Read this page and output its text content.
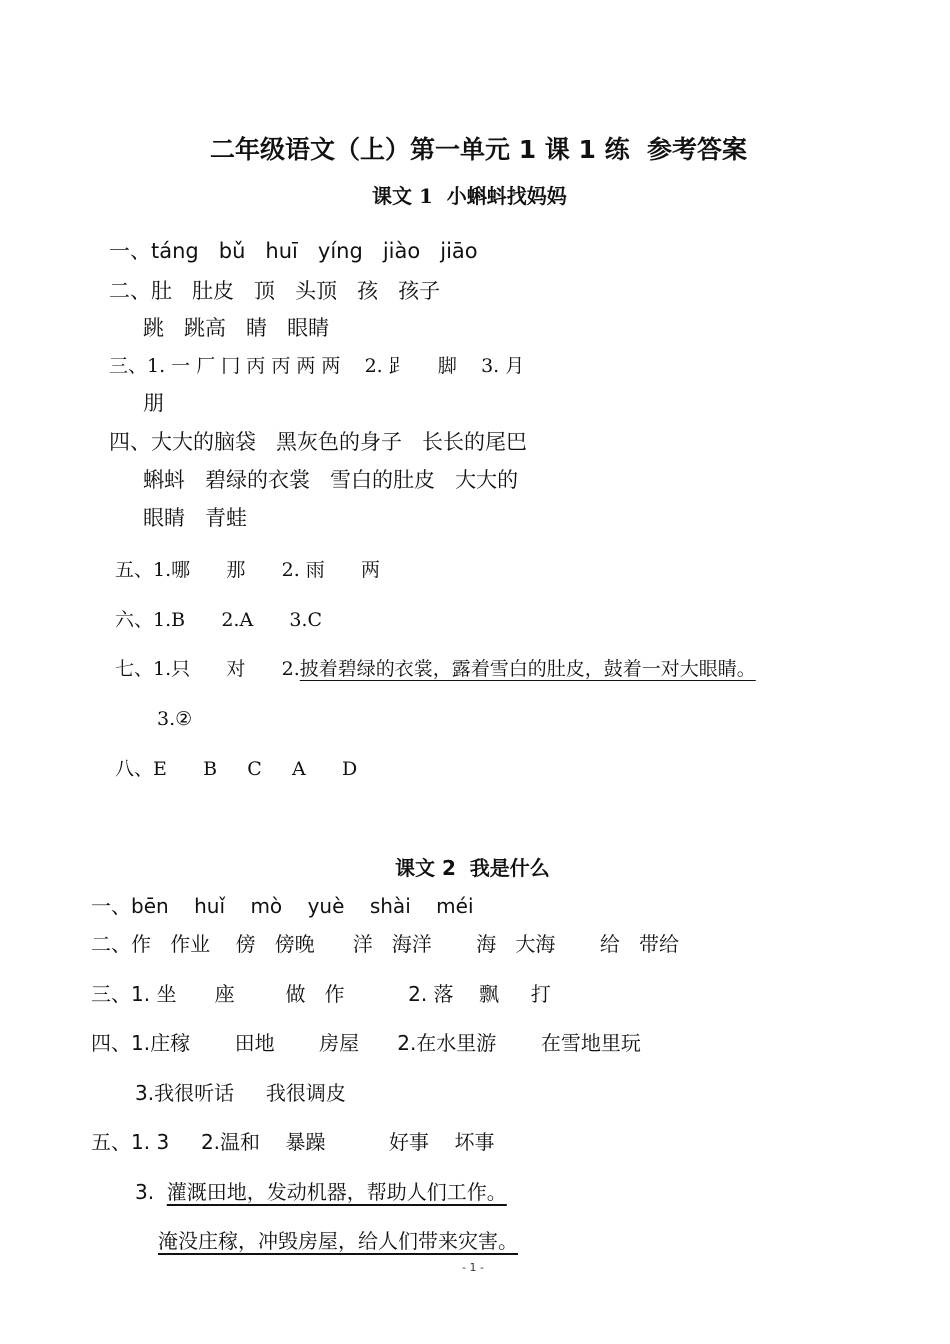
二年级语文（上）第一单元 1 课 1 练  参考答案
课文 1  小蝌蚪找妈妈
一、táng   bǔ   huī   yíng   jiào   jiāo
二、肚   肚皮   顶   头顶   孩   孩子
跳   跳高   睛   眼睛
三、1. 一 厂 冂 丙 丙 两 两    2. 𧾷     脚    3. 月
朋
四、大大的脑袋   黑灰色的身子   长长的尾巴
蝌蚪   碧绿的衣裳   雪白的肚皮   大大的
眼睛   青蛙
五、1.哪      那      2. 雨      两
六、1.B      2.A      3.C
七、1.只      对      2.披着碧绿的衣裳，露着雪白的肚皮，鼓着一对大眼睛。
3.②
八、E      B     C     A      D
课文 2  我是什么
一、bēn    huǐ    mò    yuè    shài    méi
二、作   作业    傍   傍晚      洋   海洋       海   大海       给   带给
三、1. 坐      座        做   作          2. 落    飘     打
四、1.庄稼       田地       房屋      2.在水里游       在雪地里玩
3.我很听话     我很调皮
五、1. 3     2.温和    暴躁          好事    坏事
3.  灌溉田地，发动机器，帮助人们工作。
淹没庄稼，冲毁房屋，给人们带来灾害。
- 1 -
